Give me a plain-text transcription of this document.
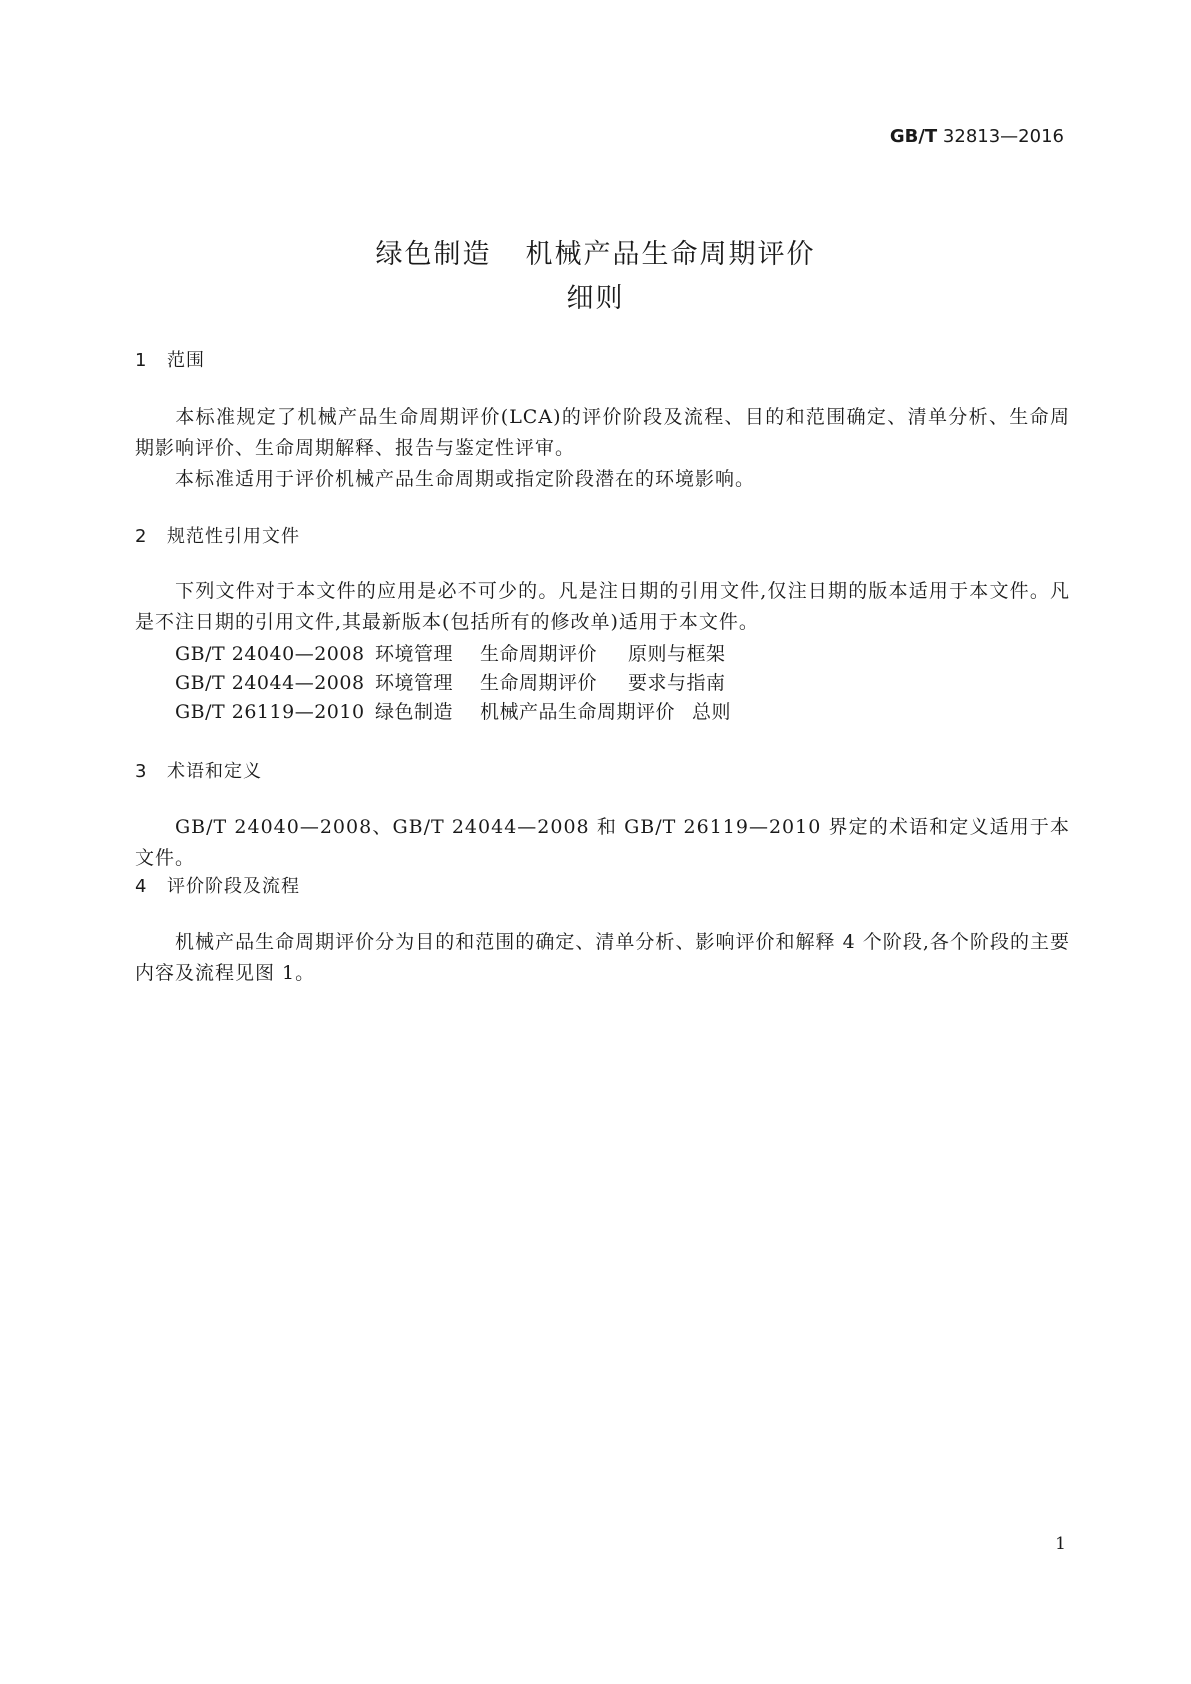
GB/T 32813—2016
绿色制造 机械产品生命周期评价
细则
1 范围
本标准规定了机械产品生命周期评价(LCA)的评价阶段及流程、目的和范围确定、清单分析、生命周期影响评价、生命周期解释、报告与鉴定性评审。
本标准适用于评价机械产品生命周期或指定阶段潜在的环境影响。
2 规范性引用文件
下列文件对于本文件的应用是必不可少的。凡是注日期的引用文件,仅注日期的版本适用于本文件。凡是不注日期的引用文件,其最新版本(包括所有的修改单)适用于本文件。
GB/T 24040—2008 环境管理 生命周期评价 原则与框架
GB/T 24044—2008 环境管理 生命周期评价 要求与指南
GB/T 26119—2010 绿色制造 机械产品生命周期评价 总则
3 术语和定义
GB/T 24040—2008、GB/T 24044—2008 和 GB/T 26119—2010 界定的术语和定义适用于本文件。
4 评价阶段及流程
机械产品生命周期评价分为目的和范围的确定、清单分析、影响评价和解释 4 个阶段,各个阶段的主要内容及流程见图 1。
1
